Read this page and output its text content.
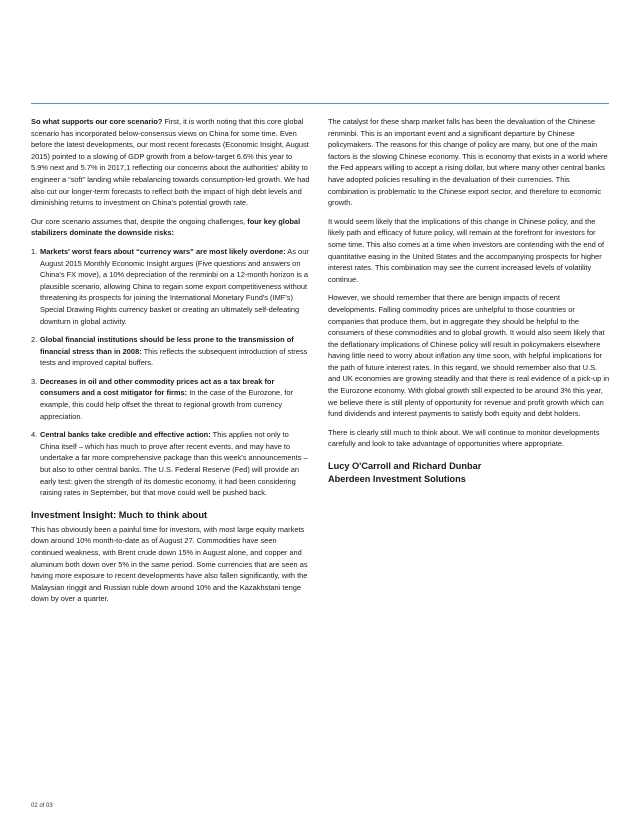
So what supports our core scenario? First, it is worth noting that this core global scenario has incorporated below-consensus views on China for some time. Even before the latest developments, our most recent forecasts (Economic Insight, August 2015) pointed to a slowing of GDP growth from a below-target 6.6% this year to 5.9% next and 5.7% in 2017,1 reflecting our concerns about the authorities' ability to engineer a “soft” landing while rebalancing towards consumption-led growth. We had also cut our longer-term forecasts to reflect both the impact of high debt levels and diminishing returns to investment on China's potential growth rate.

Our core scenario assumes that, despite the ongoing challenges, four key global stabilizers dominate the downside risks:

1. Markets' worst fears about “currency wars” are most likely overdone: As our August 2015 Monthly Economic Insight argues (Five questions and answers on China's FX move), a 10% depreciation of the renminbi on a 12-month horizon is a plausible scenario, allowing China to regain some export competitiveness without threatening its prospects for joining the International Monetary Fund's (IMF's) Special Drawing Rights currency basket or creating an ultimately self-defeating downturn in global activity.
2. Global financial institutions should be less prone to the transmission of financial stress than in 2008: This reflects the subsequent introduction of stress tests and improved capital buffers.
3. Decreases in oil and other commodity prices act as a tax break for consumers and a cost mitigator for firms: In the case of the Eurozone, for example, this could help offset the threat to regional growth from currency appreciation.
4. Central banks take credible and effective action: This applies not only to China itself – which has much to prove after recent events, and may have to undertake a far more comprehensive package than this week's announcements – but also to other central banks. The U.S. Federal Reserve (Fed) will provide an early test: given the strength of its domestic economy, it had been considering raising rates in September, but that move could well be pushed back.
Investment Insight: Much to think about

This has obviously been a painful time for investors, with most large equity markets down around 10% month-to-date as of August 27. Commodities have seen continued weakness, with Brent crude down 15% in August alone, and copper and aluminum both down over 5% in the same period. Some currencies that are seen as having more exposure to recent developments have also fallen significantly, with the Malaysian ringgit and Russian ruble down around 10% and the Kazakhstani tenge down by over a quarter.

The catalyst for these sharp market falls has been the devaluation of the Chinese renminbi. This is an important event and a significant departure by Chinese policymakers. The reasons for this change of policy are many, but one of the main factors is the slowing Chinese economy. This is economy that exists in a world where the Fed appears willing to accept a rising dollar, but where many other central banks have adopted policies resulting in the devaluation of their currencies. This combination is problematic to the Chinese export sector, and therefore to economic growth.

It would seem likely that the implications of this change in Chinese policy, and the likely path and efficacy of future policy, will remain at the forefront for investors for some time. This also comes at a time when investors are contending with the end of quantitative easing in the United States and the accompanying prospects for higher interest rates. This combination may see the current increased levels of volatility continue.

However, we should remember that there are benign impacts of recent developments. Falling commodity prices are unhelpful to those countries or companies that produce them, but in aggregate they should be helpful to the consumers of these commodities and to global growth. It would also seem likely that the deflationary implications of Chinese policy will result in policymakers elsewhere having little need to worry about inflation any time soon, with helpful implications for the path of future interest rates. In this regard, we should remember also that U.S. and UK economies are growing steadily and that there is real evidence of a pick-up in the Eurozone economy. With global growth still expected to be around 3% this year, we believe there is still plenty of opportunity for revenue and profit growth which can fund dividends and interest payments to satisfy both equity and debt holders.

There is clearly still much to think about. We will continue to monitor developments carefully and look to take advantage of opportunities where appropriate.

Lucy O'Carroll and Richard Dunbar
Aberdeen Investment Solutions
02 of 03
